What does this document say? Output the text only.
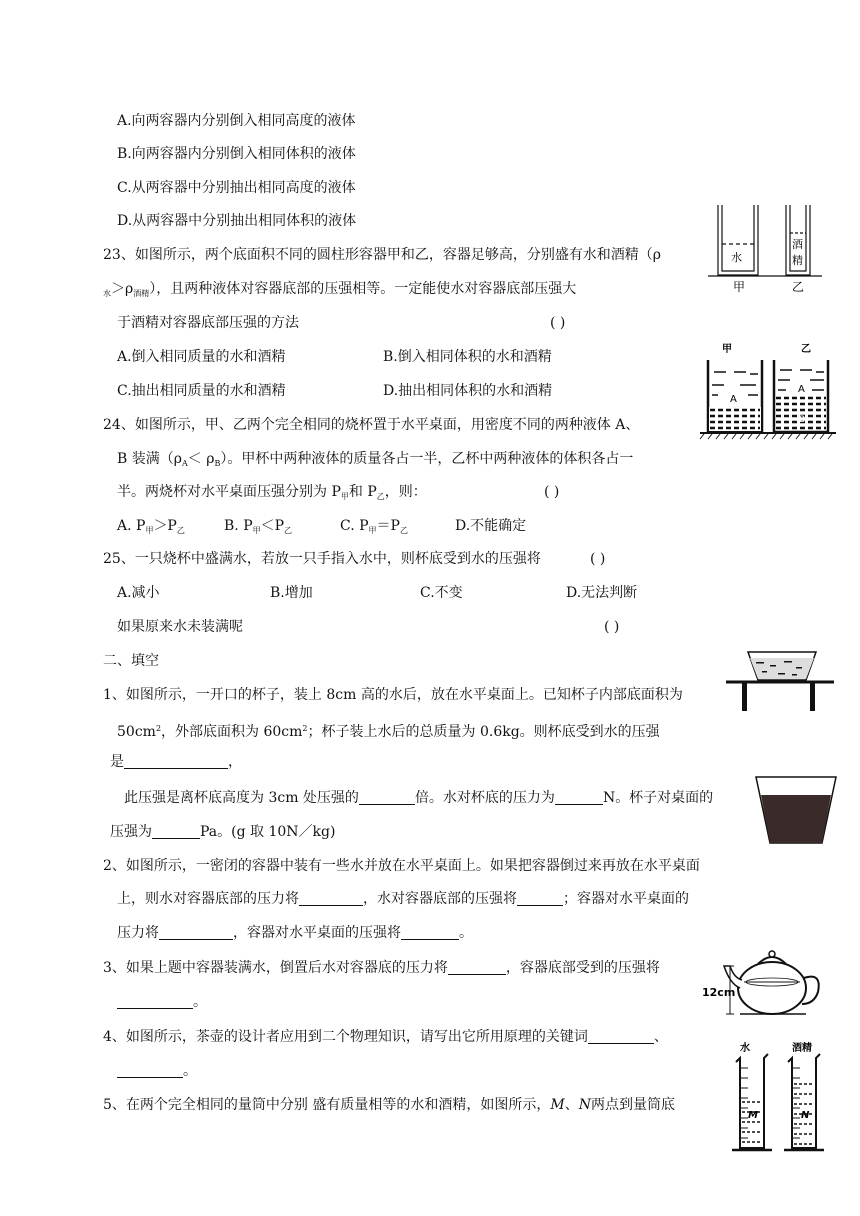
A.向两容器内分别倒入相同高度的液体
B.向两容器内分别倒入相同体积的液体
C.从两容器中分别抽出相同高度的液体
D.从两容器中分别抽出相同体积的液体
23、如图所示，两个底面积不同的圆柱形容器甲和乙，容器足够高，分别盛有水和酒精（ρ
$_水>\rho_{酒精}$），且两种液体对容器底部的压强相等。一定能使水对容器底部压强大
于酒精对容器底部压强的方法	( )
A.倒入相同质量的水和酒精	B.倒入相同体积的水和酒精
C.抽出相同质量的水和酒精	D.抽出相同体积的水和酒精
水
酒
精
甲	乙
24、如图所示，甲、乙两个完全相同的烧杯置于水平桌面，用密度不同的两种液体 A、
B 装满$(\rho_A< \rho_B)$。甲杯中两种液体的质量各占一半，乙杯中两种液体的体积各占一
半。两烧杯对水平桌面压强分别为 $P_甲$和 $P_乙$，则：	( )
A. $P_甲>P_乙$	B. $P_甲<P_乙$	C. $P_甲=P_乙$	D.不能确定
甲	乙
A
A
B
25、一只烧杯中盛满水，若放一只手指入水中，则杯底受到水的压强将	( )
A.减小	B.增加	C.不变	D.无法判断
如果原来水未装满呢	( )
二、填空
1、如图所示，一开口的杯子，装上 8cm 高的水后，放在水平桌面上。已知杯子内部底面积为
$50cm^2$，外部底面积为 $60cm^2$；杯子装上水后的总质量为 0.6kg。则杯底受到水的压强
是	，
此压强是离杯底高度为 3cm 处压强的	倍。水对杯底的压力为	N。杯子对桌面的
压强为	Pa。(g 取 10N／kg)
2、如图所示，一密闭的容器中装有一些水并放在水平桌面上。如果把容器倒过来再放在水平桌面
上，则水对容器底部的压力将	，水对容器底部的压强将	；容器对水平桌面的
压力将	，容器对水平桌面的压强将	。
12cm
3、如果上题中容器装满水，倒置后水对容器底的压力将	，容器底部受到的压强将
。
4、如图所示，茶壶的设计者应用到二个物理知识，请写出它所用原理的关键词	、
。
水	酒精
M	N
5、在两个完全相同的量筒中分别 盛有质量相等的水和酒精，如图所示，M、N两点到量筒底
